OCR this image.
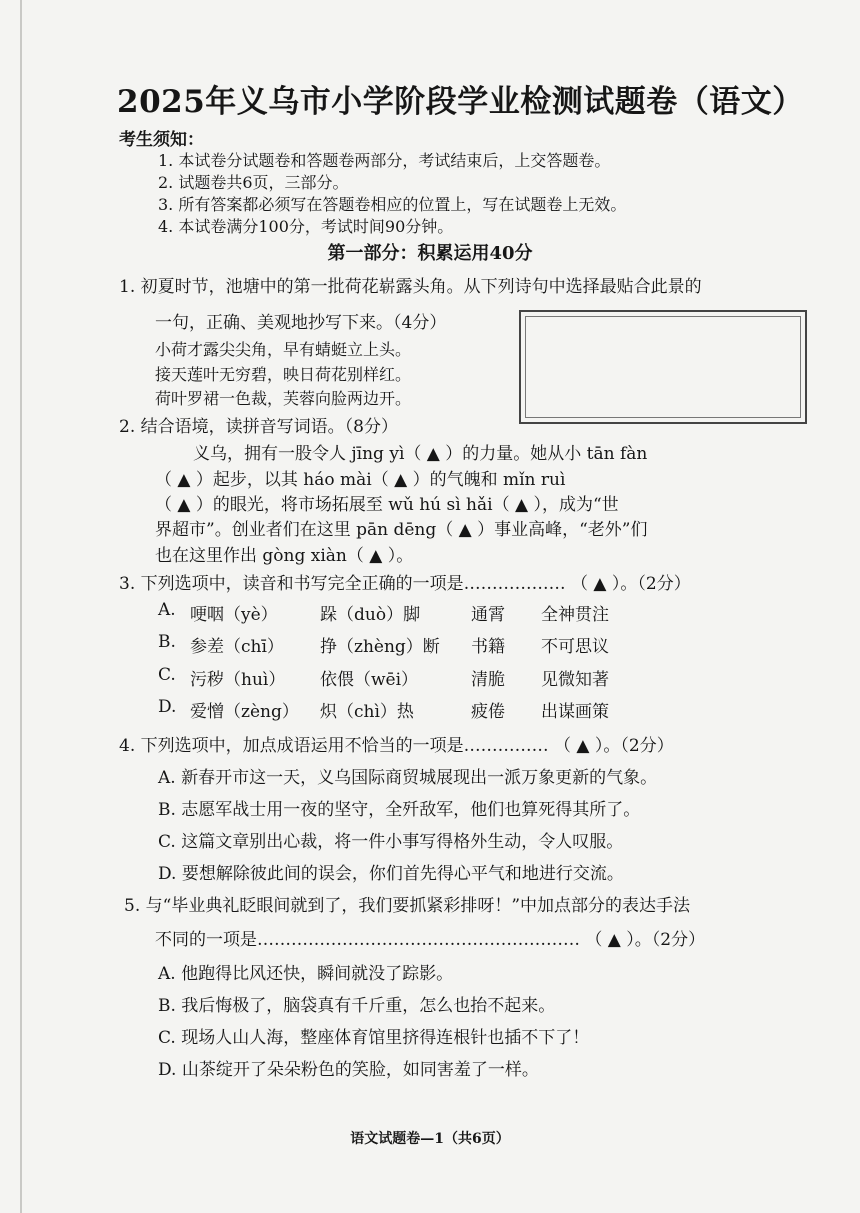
2025年义乌市小学阶段学业检测试题卷（语文）
考生须知：
1. 本试卷分试题卷和答题卷两部分，考试结束后，上交答题卷。
2. 试题卷共6页，三部分。
3. 所有答案都必须写在答题卷相应的位置上，写在试题卷上无效。
4. 本试卷满分100分，考试时间90分钟。
第一部分：积累运用40分
1. 初夏时节，池塘中的第一批荷花崭露头角。从下列诗句中选择最贴合此景的
一句，正确、美观地抄写下来。（4分）
小荷才露尖尖角，早有蜻蜓立上头。
接天莲叶无穷碧，映日荷花别样红。
荷叶罗裙一色裁，芙蓉向脸两边开。
2. 结合语境，读拼音写词语。（8分）
义乌，拥有一股令人 jīng yì（ ▲ ）的力量。她从小 tān fàn
（ ▲ ）起步，以其 háo mài（ ▲ ）的气魄和 mǐn ruì
（ ▲ ）的眼光，将市场拓展至 wǔ hú sì hǎi（ ▲ ），成为“世
界超市”。创业者们在这里 pān dēng（ ▲ ）事业高峰，“老外”们
也在这里作出 gòng xiàn（ ▲ ）。
3. 下列选项中，读音和书写完全正确的一项是……………… （ ▲ ）。（2分）
A. 哽咽（yè） 跺（duò）脚	通霄 全神贯注
B. 参差（chī） 挣（zhèng）断 书籍 不可思议
C. 污秽（huì） 依偎（wēi）	清脆 见微知著
D. 爱憎（zèng） 炽（chì）热	疲倦 出谋画策
4. 下列选项中，加点成语运用不恰当的一项是…………… （ ▲ ）。（2分）
A. 新春开市这一天，义乌国际商贸城展现出一派万象更新的气象。
B. 志愿军战士用一夜的坚守，全歼敌军，他们也算死得其所了。
C. 这篇文章别出心裁，将一件小事写得格外生动，令人叹服。
D. 要想解除彼此间的误会，你们首先得心平气和地进行交流。
5. 与“毕业典礼眨眼间就到了，我们要抓紧彩排呀！”中加点部分的表达手法
不同的一项是………………………………………………… （ ▲ ）。（2分）
A. 他跑得比风还快，瞬间就没了踪影。
B. 我后悔极了，脑袋真有千斤重，怎么也抬不起来。
C. 现场人山人海，整座体育馆里挤得连根针也插不下了！
D. 山茶绽开了朵朵粉色的笑脸，如同害羞了一样。
语文试题卷—1（共6页）
